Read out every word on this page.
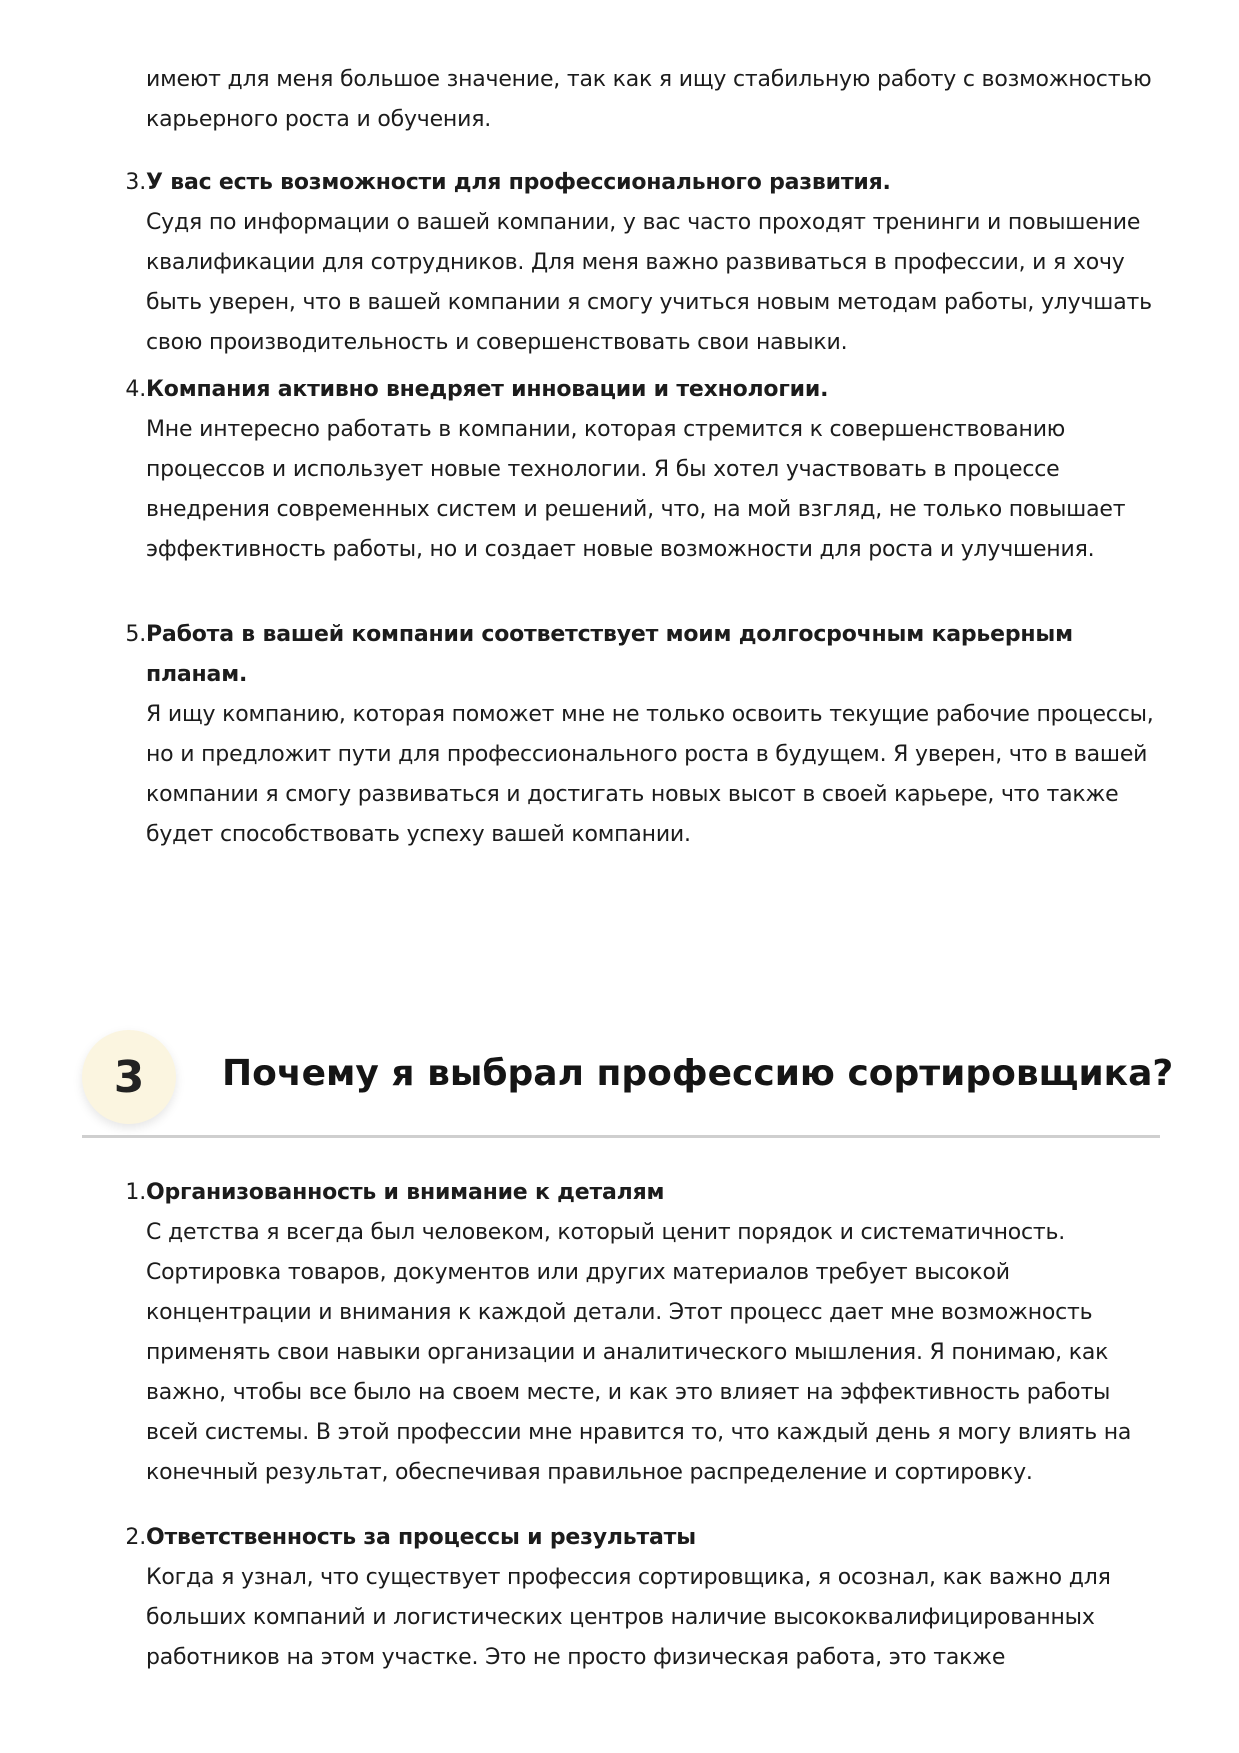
имеют для меня большое значение, так как я ищу стабильную работу с возможностью карьерного роста и обучения.

3. У вас есть возможности для профессионального развития.

Судя по информации о вашей компании, у вас часто проходят тренинги и повышение квалификации для сотрудников. Для меня важно развиваться в профессии, и я хочу быть уверен, что в вашей компании я смогу учиться новым методам работы, улучшать свою производительность и совершенствовать свои навыки.

4. Компания активно внедряет инновации и технологии.

Мне интересно работать в компании, которая стремится к совершенствованию процессов и использует новые технологии. Я бы хотел участвовать в процессе внедрения современных систем и решений, что, на мой взгляд, не только повышает эффективность работы, но и создает новые возможности для роста и улучшения.

5. Работа в вашей компании соответствует моим долгосрочным карьерным планам.

Я ищу компанию, которая поможет мне не только освоить текущие рабочие процессы, но и предложит пути для профессионального роста в будущем. Я уверен, что в вашей компании я смогу развиваться и достигать новых высот в своей карьере, что также будет способствовать успеху вашей компании.

3	Почему я выбрал профессию сортировщика?
1. Организованность и внимание к деталям

С детства я всегда был человеком, который ценит порядок и систематичность. Сортировка товаров, документов или других материалов требует высокой концентрации и внимания к каждой детали. Этот процесс дает мне возможность применять свои навыки организации и аналитического мышления. Я понимаю, как важно, чтобы все было на своем месте, и как это влияет на эффективность работы всей системы. В этой профессии мне нравится то, что каждый день я могу влиять на конечный результат, обеспечивая правильное распределение и сортировку.

2. Ответственность за процессы и результаты

Когда я узнал, что существует профессия сортировщика, я осознал, как важно для больших компаний и логистических центров наличие высококвалифицированных работников на этом участке. Это не просто физическая работа, это также
